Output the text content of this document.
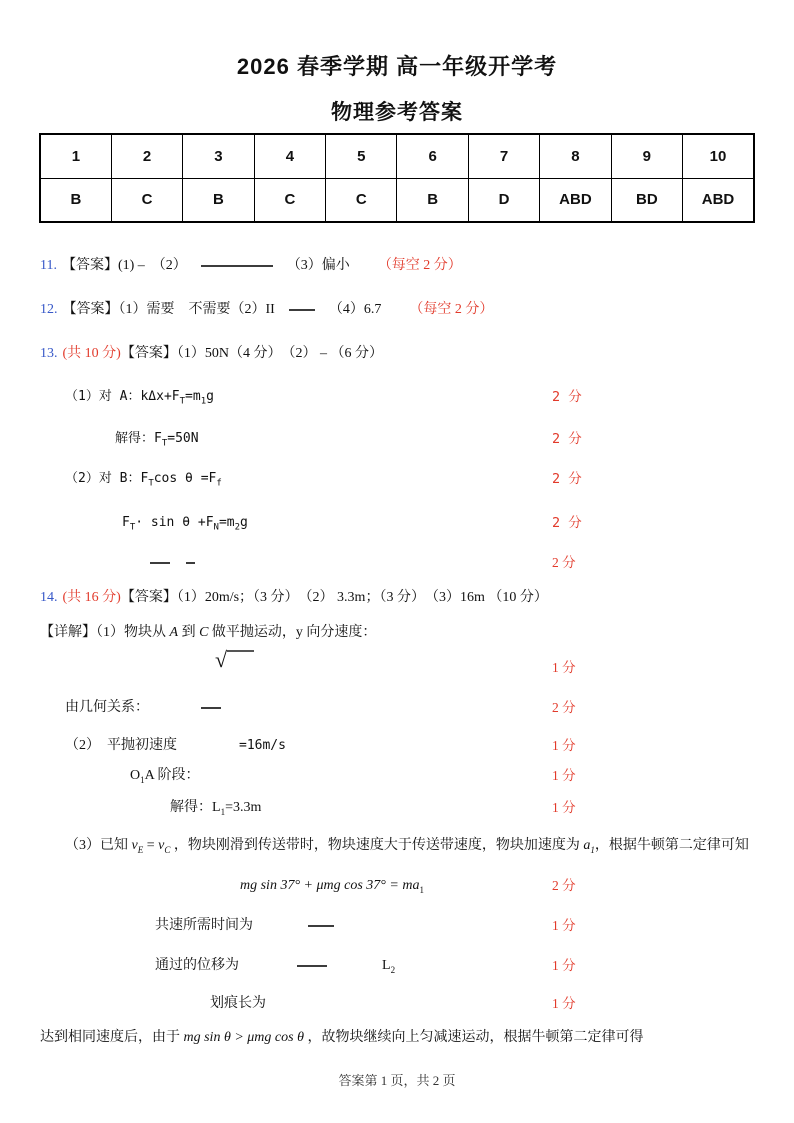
2026 春季学期 高一年级开学考
物理参考答案
1	2	3	4	5	6	7	8	9	10
B	C	B	C	C	B	D	ABD	BD	ABD
11. 【答案】(1) –　（2）	（3）偏小 （每空 2 分）
12. 【答案】（1）需要　不需要（2）II	（4）6.7 （每空 2 分）
13. (共 10 分)【答案】（1）50N（4 分）　（2） – （6 分）
（1）对 A：$k\Delta x+F_T=m_1g$	2 分
解得：$F_T=50N$	2 分
（2）对 B：$F_T\cos$ $\theta =F_f$	2 分
$F_T\cdot \sin \theta +F_N=m_2g$	2 分
2 分
14. (共 16 分)【答案】（1）20m/s；（3 分）　（2） 3.3m；（3 分）　（3）16m （10 分）
【详解】（1）物块从 A 到 C 做平抛运动，y 向分速度：
√	1 分
由几何关系：	2 分
（2）　平抛初速度	=16m/s	1 分
$O_1A$ 阶段：	1 分
解得：$L_1=3.3m$	1 分
（3）已知 $v_E = v_C$ ，物块刚滑到传送带时，物块速度大于传送带速度，物块加速度为 $a_1$，根据牛顿第二定律可知
mg sin 37° + μmg $\cos 37^\circ = ma_1$	2 分
共速所需时间为	1 分
通过的位移为	$L_2$	1 分
划痕长为	1 分
达到相同速度后，由于 mg sin θ > μmg cos θ ，故物块继续向上匀减速运动，根据牛顿第二定律可得
答案第 1 页，共 2 页
